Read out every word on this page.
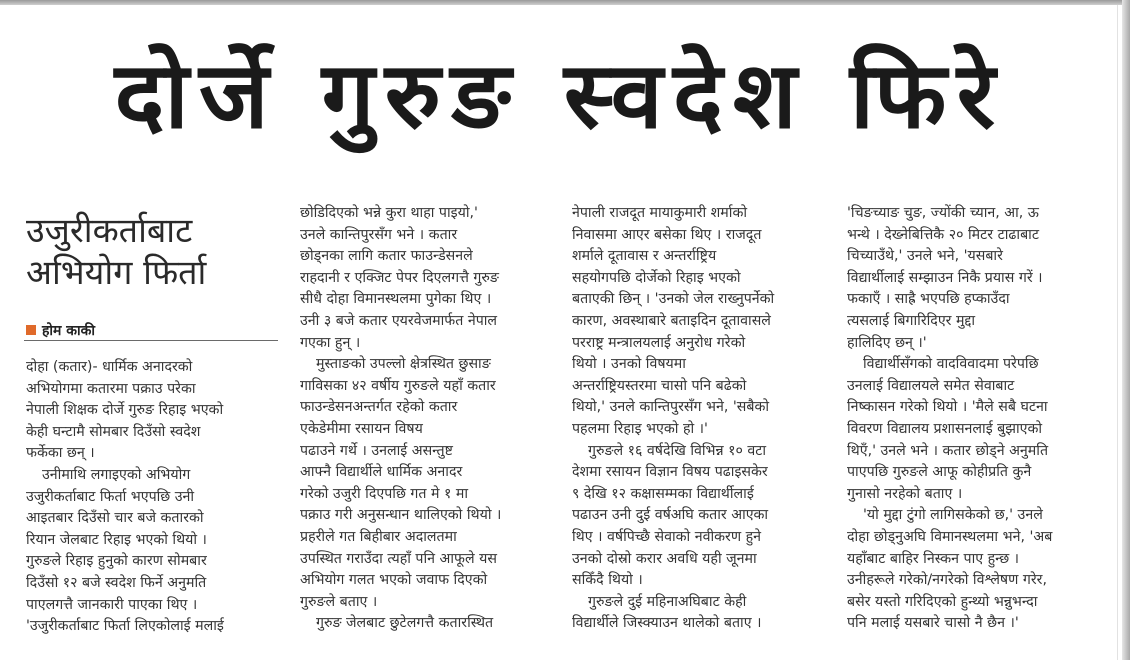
दोर्जे गुरुङ स्वदेश फिरे
उजुरीकर्ताबाट
अभियोग फिर्ता
होम काकी
दोहा (कतार)- धार्मिक अनादरको
अभियोगमा कतारमा पक्राउ परेका
नेपाली शिक्षक दोर्जे गुरुङ रिहाइ भएको
केही घन्टामै सोमबार दिउँसो स्वदेश
फर्केका छन् ।
उनीमाथि लगाइएको अभियोग
उजुरीकर्ताबाट फिर्ता भएपछि उनी
आइतबार दिउँसो चार बजे कतारको
रियान जेलबाट रिहाइ भएको थियो ।
गुरुङले रिहाइ हुनुको कारण सोमबार
दिउँसो १२ बजे स्वदेश फिर्ने अनुमति
पाएलगत्तै जानकारी पाएका थिए ।
'उजुरीकर्ताबाट फिर्ता लिएकोलाई मलाई
छोडिदिएको भन्ने कुरा थाहा पाइयो,'
उनले कान्तिपुरसँग भने । कतार
छोड्नका लागि कतार फाउन्डेसनले
राहदानी र एक्जिट पेपर दिएलगत्तै गुरुङ
सीधै दोहा विमानस्थलमा पुगेका थिए ।
उनी ३ बजे कतार एयरवेजमार्फत नेपाल
गएका हुन् ।
मुस्ताङको उपल्लो क्षेत्रस्थित छुसाङ
गाविसका ४२ वर्षीय गुरुङले यहाँ कतार
फाउन्डेसनअन्तर्गत रहेको कतार
एकेडेमीमा रसायन विषय
पढाउने गर्थे । उनलाई असन्तुष्ट
आफ्नै विद्यार्थीले धार्मिक अनादर
गरेको उजुरी दिएपछि गत मे १ मा
पक्राउ गरी अनुसन्धान थालिएको थियो ।
प्रहरीले गत बिहीबार अदालतमा
उपस्थित गराउँदा त्यहाँ पनि आफूले यस
अभियोग गलत भएको जवाफ दिएको
गुरुङले बताए ।
गुरुङ जेलबाट छुटेलगत्तै कतारस्थित
नेपाली राजदूत मायाकुमारी शर्माको
निवासमा आएर बसेका थिए । राजदूत
शर्माले दूतावास र अन्तर्राष्ट्रिय
सहयोगपछि दोर्जेको रिहाइ भएको
बताएकी छिन् । 'उनको जेल राख्नुपर्नेको
कारण, अवस्थाबारे बताइदिन दूतावासले
परराष्ट्र मन्त्रालयलाई अनुरोध गरेको
थियो । उनको विषयमा
अन्तर्राष्ट्रियस्तरमा चासो पनि बढेको
थियो,' उनले कान्तिपुरसँग भने, 'सबैको
पहलमा रिहाइ भएको हो ।'
गुरुङले १६ वर्षदेखि विभिन्न १० वटा
देशमा रसायन विज्ञान विषय पढाइसकेर
९ देखि १२ कक्षासम्मका विद्यार्थीलाई
पढाउन उनी दुई वर्षअघि कतार आएका
थिए । वर्षपिच्छै सेवाको नवीकरण हुने
उनको दोस्रो करार अवधि यही जूनमा
सकिँदै थियो ।
गुरुङले दुई महिनाअघिबाट केही
विद्यार्थीले जिस्क्याउन थालेको बताए ।
'चिङच्याङ चुङ, ज्योंकी च्यान, आ, ऊ
भन्थे । देख्नेबित्तिकै २० मिटर टाढाबाट
चिच्याउँथे,' उनले भने, 'यसबारे
विद्यार्थीलाई सम्झाउन निकै प्रयास गरें ।
फकाएँ । साह्रै भएपछि हप्काउँदा
त्यसलाई बिगारिदिएर मुद्दा
हालिदिए छन् ।'
विद्यार्थीसँगको वादविवादमा परेपछि
उनलाई विद्यालयले समेत सेवाबाट
निष्कासन गरेको थियो । 'मैले सबै घटना
विवरण विद्यालय प्रशासनलाई बुझाएको
थिएँ,' उनले भने । कतार छोड्ने अनुमति
पाएपछि गुरुङले आफू कोहीप्रति कुनै
गुनासो नरहेको बताए ।
'यो मुद्दा टुंगो लागिसकेको छ,' उनले
दोहा छोड्नुअघि विमानस्थलमा भने, 'अब
यहाँबाट बाहिर निस्कन पाए हुन्छ ।
उनीहरूले गरेको/नगरेको विश्लेषण गरेर,
बसेर यस्तो गरिदिएको हुन्थ्यो भन्नुभन्दा
पनि मलाई यसबारे चासो नै छैन ।'
